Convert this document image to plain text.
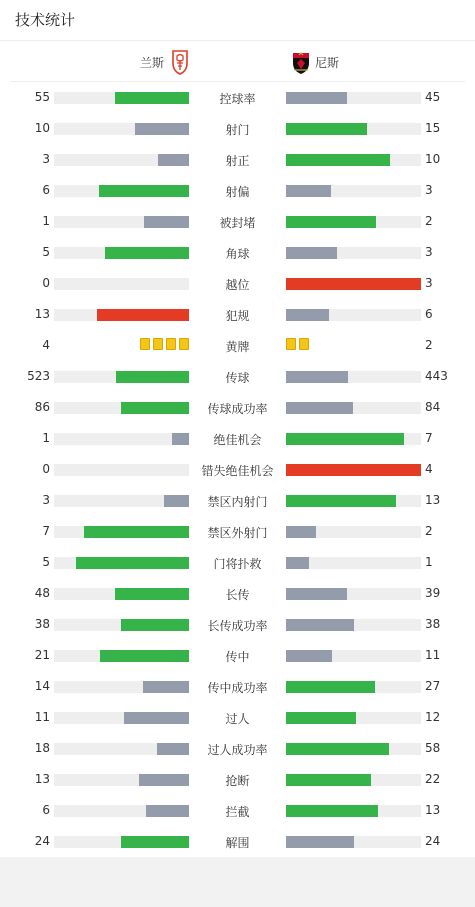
技术统计
兰斯	尼斯
55	控球率	45
10	射门	15
3	射正	10
6	射偏	3
1	被封堵	2
5	角球	3
0	越位	3
13	犯规	6
4	黄牌	2
523	传球	443
86	传球成功率	84
1	绝佳机会	7
0	错失绝佳机会	4
3	禁区内射门	13
7	禁区外射门	2
5	门将扑救	1
48	长传	39
38	长传成功率	38
21	传中	11
14	传中成功率	27
11	过人	12
18	过人成功率	58
13	抢断	22
6	拦截	13
24	解围	24
